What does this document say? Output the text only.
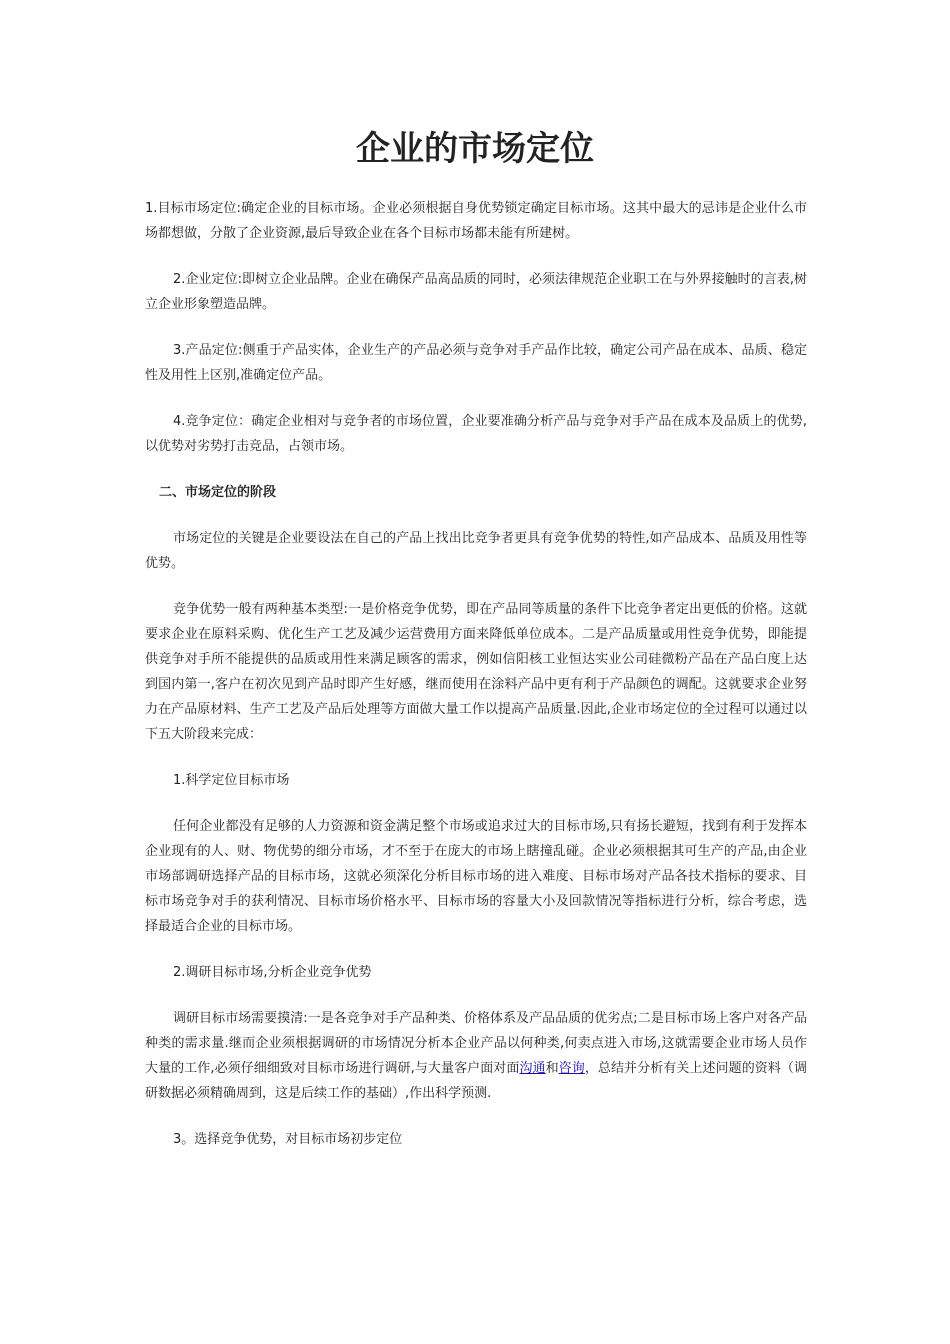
企业的市场定位

1.目标市场定位:确定企业的目标市场。企业必须根据自身优势锁定确定目标市场。这其中最大的忌讳是企业什么市场都想做，分散了企业资源,最后导致企业在各个目标市场都未能有所建树。

2.企业定位:即树立企业品牌。企业在确保产品高品质的同时，必须法律规范企业职工在与外界接触时的言表,树立企业形象塑造品牌。

3.产品定位:侧重于产品实体，企业生产的产品必须与竞争对手产品作比较，确定公司产品在成本、品质、稳定性及用性上区别,准确定位产品。

4.竞争定位：确定企业相对与竞争者的市场位置，企业要准确分析产品与竞争对手产品在成本及品质上的优势,以优势对劣势打击竞品，占领市场。

二、市场定位的阶段

市场定位的关键是企业要设法在自己的产品上找出比竞争者更具有竞争优势的特性,如产品成本、品质及用性等优势。

竞争优势一般有两种基本类型:一是价格竞争优势，即在产品同等质量的条件下比竞争者定出更低的价格。这就要求企业在原料采购、优化生产工艺及减少运营费用方面来降低单位成本。二是产品质量或用性竞争优势，即能提供竞争对手所不能提供的品质或用性来满足顾客的需求，例如信阳核工业恒达实业公司硅微粉产品在产品白度上达到国内第一,客户在初次见到产品时即产生好感，继而使用在涂料产品中更有利于产品颜色的调配。这就要求企业努力在产品原材料、生产工艺及产品后处理等方面做大量工作以提高产品质量.因此,企业市场定位的全过程可以通过以下五大阶段来完成：

1.科学定位目标市场

任何企业都没有足够的人力资源和资金满足整个市场或追求过大的目标市场,只有扬长避短，找到有利于发挥本企业现有的人、财、物优势的细分市场，才不至于在庞大的市场上瞎撞乱碰。企业必须根据其可生产的产品,由企业市场部调研选择产品的目标市场，这就必须深化分析目标市场的进入难度、目标市场对产品各技术指标的要求、目标市场竞争对手的获利情况、目标市场价格水平、目标市场的容量大小及回款情况等指标进行分析，综合考虑，选择最适合企业的目标市场。

2.调研目标市场,分析企业竞争优势

调研目标市场需要摸清:一是各竞争对手产品种类、价格体系及产品品质的优劣点;二是目标市场上客户对各产品种类的需求量.继而企业须根据调研的市场情况分析本企业产品以何种类,何卖点进入市场,这就需要企业市场人员作大量的工作,必须仔细细致对目标市场进行调研,与大量客户面对面沟通和咨询，总结并分析有关上述问题的资料（调研数据必须精确周到，这是后续工作的基础）,作出科学预测.

3。选择竞争优势，对目标市场初步定位
